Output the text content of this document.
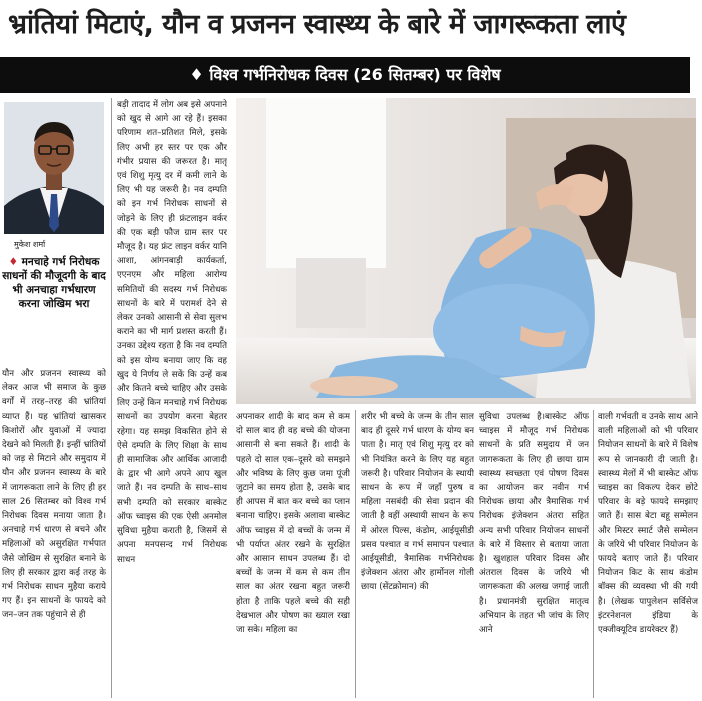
भ्रांतियां मिटाएं, यौन व प्रजनन स्वास्थ्य के बारे में जागरूकता लाएं
♦ विश्व गर्भनिरोधक दिवस (26 सितम्बर) पर विशेष
मुकेश शर्मा
♦ मनचाहे गर्भ निरोधक साधनों की मौजूदगी के बाद भी अनचाहा गर्भधारण करना जोखिम भरा
यौन और प्रजनन स्वास्थ्य को लेकर आज भी समाज के कुछ वर्गों में तरह–तरह की भ्रांतियां व्याप्त हैं। यह भ्रांतियां खासकर किशोरों और युवाओं में ज्यादा देखने को मिलती हैं। इन्हीं भ्रांतियों को जड़ से मिटाने और समुदाय में यौन और प्रजनन स्वास्थ्य के बारे में जागरूकता लाने के लिए ही हर साल 26 सितम्बर को विश्व गर्भ निरोधक दिवस मनाया जाता है। अनचाहे गर्भ धारण से बचने और महिलाओं को असुरक्षित गर्भपात जैसे जोखिम से सुरक्षित बनाने के लिए ही सरकार द्वारा कई तरह के गर्भ निरोधक साधन मुहैया कराये गए हैं। इन साधनों के फायदे को जन–जन तक पहुंचाने से ही
बड़ी तादाद में लोग अब इसे अपनाने को खुद से आगे आ रहे हैं। इसका परिणाम शत–प्रतिशत मिले, इसके लिए अभी हर स्तर पर एक और गंभीर प्रयास की जरूरत है। मातृ एवं शिशु मृत्यु दर में कमी लाने के लिए भी यह जरूरी है। नव दम्पति को इन गर्भ निरोधक साधनों से जोड़ने के लिए ही फ्रंटलाइन वर्कर की एक बड़ी फौज ग्राम स्तर पर मौजूद है। यह फ्रंट लाइन वर्कर यानि आशा, आंगनबाड़ी कार्यकर्ता, एएनएम और महिला आरोग्य समितियों की सदस्य गर्भ निरोधक साधनों के बारे में परामर्श देने से लेकर उनको आसानी से सेवा सुलभ कराने का भी मार्ग प्रशस्त करती हैं। उनका उद्देश्य रहता है कि नव दम्पति को इस योग्य बनाया जाए कि वह खुद ये निर्णय ले सकें कि उन्हें कब और कितने बच्चे चाहिए और उसके लिए उन्हें किन मनचाहे गर्भ निरोधक साधनों का उपयोग करना बेहतर रहेगा। यह समझ विकसित होने से ऐसे दम्पति के लिए शिक्षा के साथ ही सामाजिक और आर्थिक आजादी के द्वार भी आगे अपने आप खुल जाते हैं। नव दम्पति के साथ–साथ सभी दम्पति को सरकार बास्केट ऑफ च्वाइस की एक ऐसी अनमोल सुविधा मुहैया कराती है, जिसमें से अपना मनपसन्द गर्भ निरोधक साधन
अपनाकर शादी के बाद कम से कम दो साल बाद ही वह बच्चे की योजना आसानी से बना सकते हैं। शादी के पहले दो साल एक–दूसरे को समझने और भविष्य के लिए कुछ जमा पूंजी जुटाने का समय होता है, उसके बाद ही आपस में बात कर बच्चे का प्लान बनाना चाहिए। इसके अलावा बास्केट ऑफ च्वाइस में दो बच्चों के जन्म में भी पर्याप्त अंतर रखने के सुरक्षित और आसान साधन उपलब्ध हैं। दो बच्चों के जन्म में कम से कम तीन साल का अंतर रखना बहुत जरूरी होता है ताकि पहले बच्चे की सही देखभाल और पोषण का ख्याल रखा जा सके। महिला का
शरीर भी बच्चे के जन्म के तीन साल बाद ही दूसरे गर्भ धारण के योग्य बन पाता है। मातृ एवं शिशु मृत्यु दर को भी नियंत्रित करने के लिए यह बहुत जरूरी है। परिवार नियोजन के स्थायी साधन के रूप में जहाँ पुरुष व महिला नसबंदी की सेवा प्रदान की जाती है वहीं अस्थायी साधन के रूप में ओरल पिल्स, कंडोम, आईयूसीडी प्रसव पश्चात व गर्भ समापन पश्चात आईयूसीडी, त्रैमासिक गर्भनिरोधक इंजेक्शन अंतरा और हार्मोनल गोली छाया (सेंटक्रोमान) की
सुविधा उपलब्ध है।बास्केट ऑफ च्वाइस में मौजूद गर्भ निरोधक साधनों के प्रति समुदाय में जन जागरूकता के लिए ही छाया ग्राम स्वास्थ्य स्वच्छता एवं पोषण दिवस का आयोजन कर नवीन गर्भ निरोधक छाया और त्रैमासिक गर्भ निरोधक इंजेक्शन अंतरा सहित अन्य सभी परिवार नियोजन साधनों के बारे में विस्तार से बताया जाता है। खुशहाल परिवार दिवस और अंतराल दिवस के जरिये भी जागरूकता की अलख जगाई जाती है। प्रधानमंत्री सुरक्षित मातृत्व अभियान के तहत भी जांच के लिए आने
वाली गर्भवती व उनके साथ आने वाली महिलाओं को भी परिवार नियोजन साधनों के बारे में विशेष रूप से जानकारी दी जाती है। स्वास्थ्य मेलों में भी बास्केट ऑफ च्वाइस का विकल्प देकर छोटे परिवार के बड़े फायदे समझाए जाते हैं। सास बेटा बहू सम्मेलन और मिस्टर स्मार्ट जैसे सम्मेलन के जरिये भी परिवार नियोजन के फायदे बताए जाते हैं। परिवार नियोजन किट के साथ कंडोम बॉक्स की व्यवस्था भी की गयी है। (लेखक पापुलेशन सर्विसेज इंटरनेशनल इंडिया के एक्जीक्यूटिव डायरेक्टर हैं)
